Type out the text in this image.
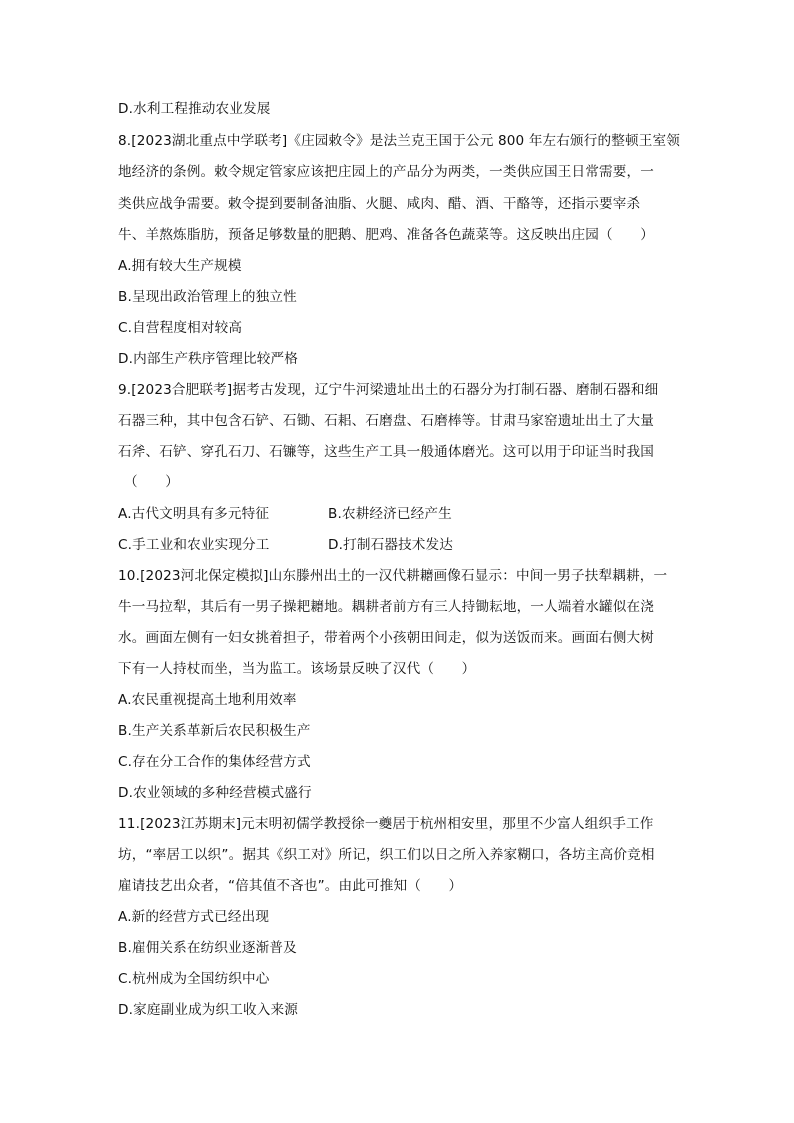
D.水利工程推动农业发展
8.[2023湖北重点中学联考]《庄园敕令》是法兰克王国于公元 800 年左右颁行的整顿王室领
地经济的条例。敕令规定管家应该把庄园上的产品分为两类，一类供应国王日常需要，一
类供应战争需要。敕令提到要制备油脂、火腿、咸肉、醋、酒、干酪等，还指示要宰杀
牛、羊熬炼脂肪，预备足够数量的肥鹅、肥鸡、准备各色蔬菜等。这反映出庄园（　　）
A.拥有较大生产规模
B.呈现出政治管理上的独立性
C.自营程度相对较高
D.内部生产秩序管理比较严格
9.[2023合肥联考]据考古发现，辽宁牛河梁遗址出土的石器分为打制石器、磨制石器和细
石器三种，其中包含石铲、石锄、石耜、石磨盘、石磨棒等。甘肃马家窑遗址出土了大量
石斧、石铲、穿孔石刀、石镰等，这些生产工具一般通体磨光。这可以用于印证当时我国
（　　）
A.古代文明具有多元特征	B.农耕经济已经产生
C.手工业和农业实现分工	D.打制石器技术发达
10.[2023河北保定模拟]山东滕州出土的一汉代耕耱画像石显示：中间一男子扶犁耦耕，一
牛一马拉犁，其后有一男子操耙耱地。耦耕者前方有三人持锄耘地，一人端着水罐似在浇
水。画面左侧有一妇女挑着担子，带着两个小孩朝田间走，似为送饭而来。画面右侧大树
下有一人持杖而坐，当为监工。该场景反映了汉代（　　）
A.农民重视提高土地利用效率
B.生产关系革新后农民积极生产
C.存在分工合作的集体经营方式
D.农业领域的多种经营模式盛行
11.[2023江苏期末]元末明初儒学教授徐一夔居于杭州相安里，那里不少富人组织手工作
坊，“率居工以织”。据其《织工对》所记，织工们以日之所入养家糊口，各坊主高价竞相
雇请技艺出众者，“倍其值不吝也”。由此可推知（　　）
A.新的经营方式已经出现
B.雇佣关系在纺织业逐渐普及
C.杭州成为全国纺织中心
D.家庭副业成为织工收入来源
